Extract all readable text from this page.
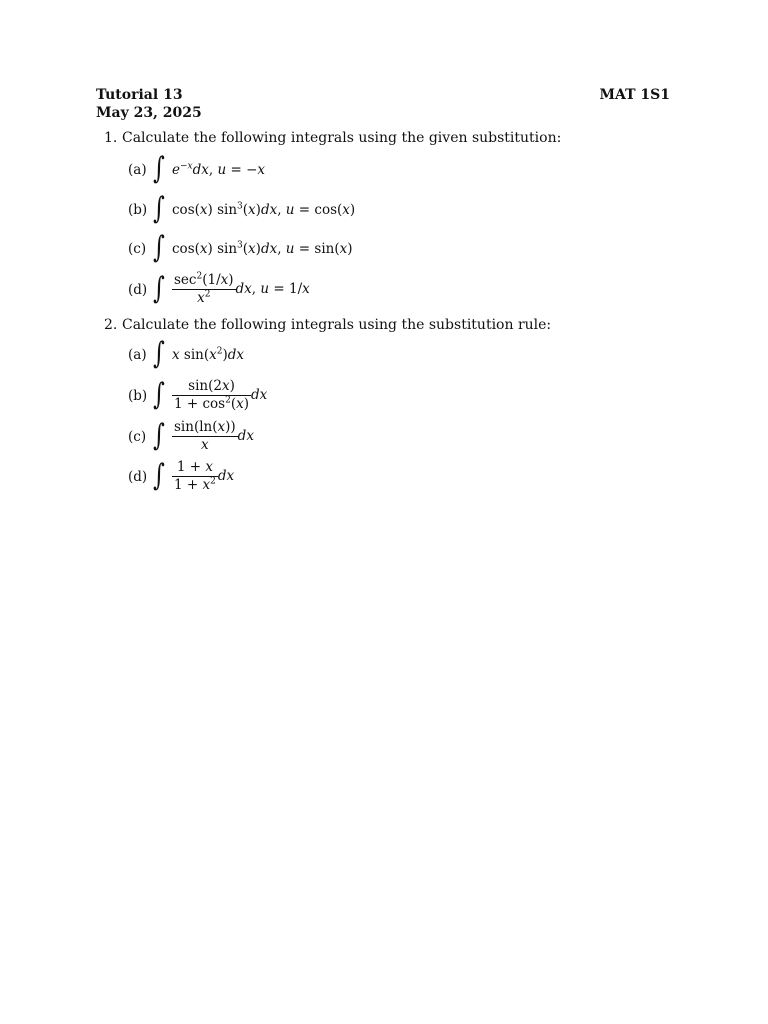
Tutorial 13
May 23, 2025
MAT 1S1
1. Calculate the following integrals using the given substitution:
(a) ∫ $e^{-x}dx$, u = −x
(b) ∫ cos(x) $\sin^3(x)dx$, u = cos(x)
(c) ∫ cos(x) $\sin^3(x)dx$, u = sin(x)
(d) ∫ $\frac{\sec^2(1/x)}{x^2}$ dx, u = 1/x
2. Calculate the following integrals using the substitution rule:
(a) ∫ x $\sin(x^2)dx$
(b) ∫ $\frac{\sin(2x)}{1 + \cos^2(x)}$ dx
(c) ∫ $\frac{\sin(\ln(x))}{x}$ dx
(d) ∫ $\frac{1 + x}{1 + x^2}$ dx
